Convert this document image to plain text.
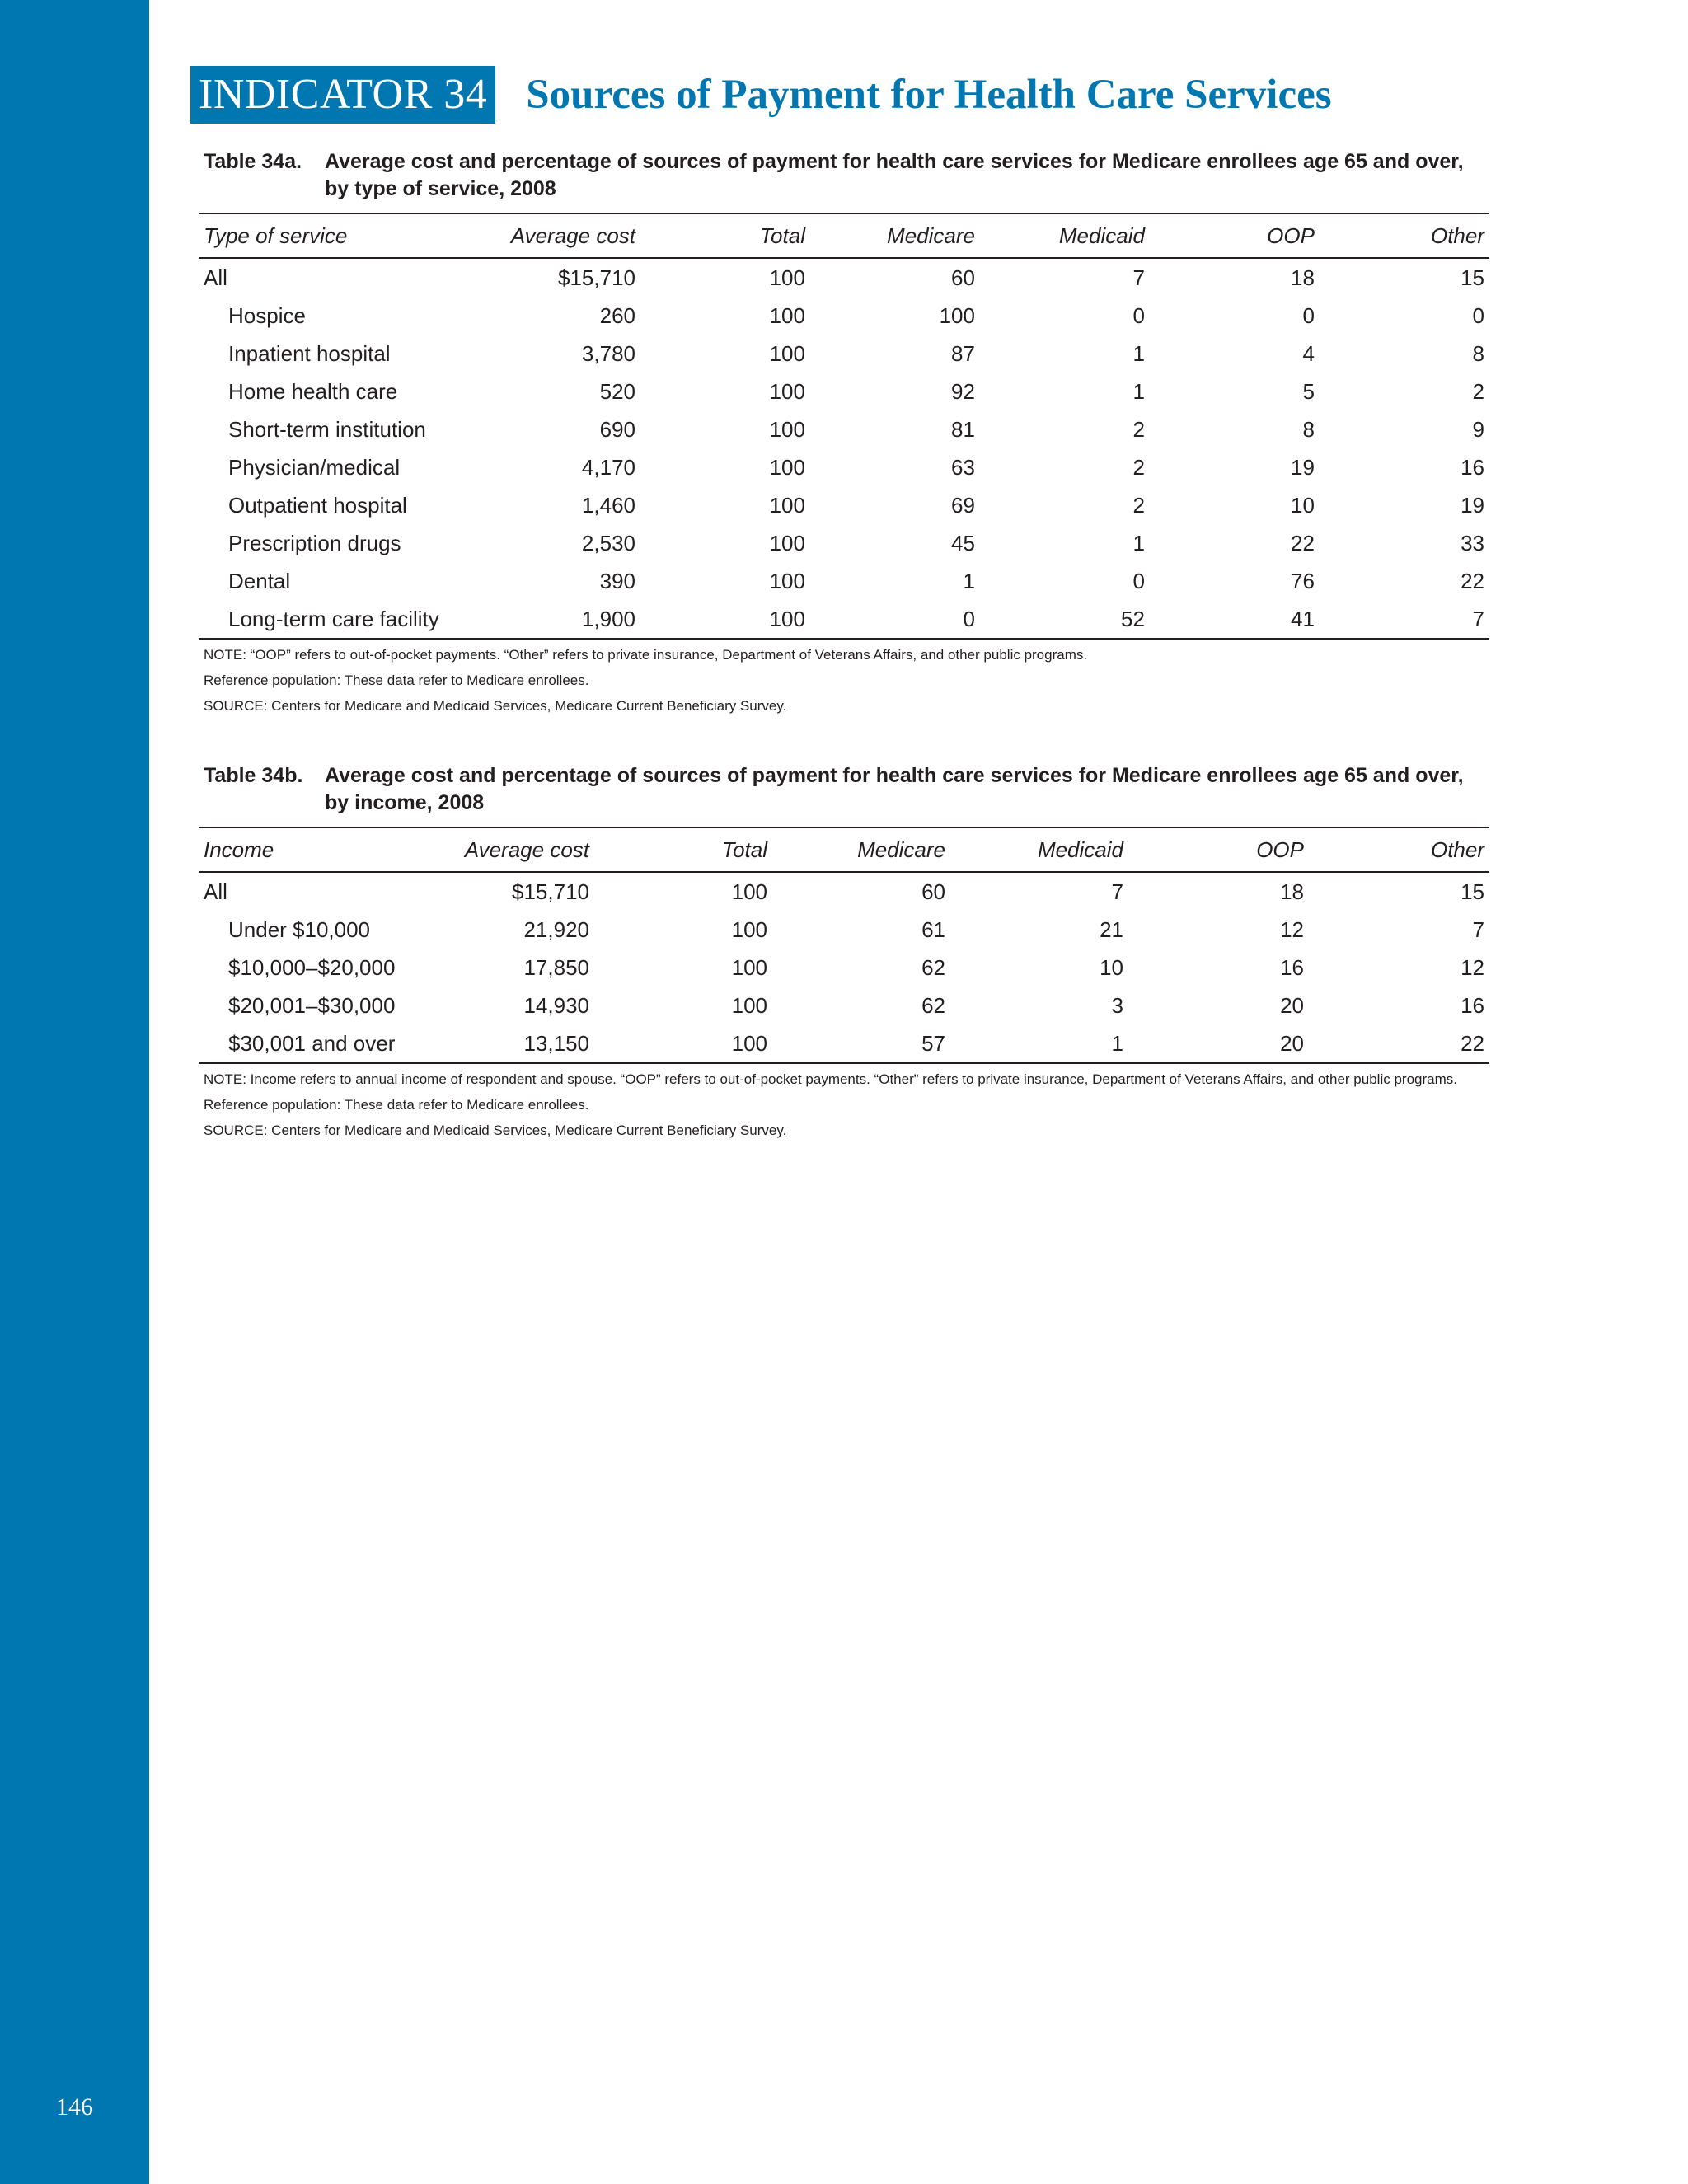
146
INDICATOR 34 Sources of Payment for Health Care Services
Table 34a. Average cost and percentage of sources of payment for health care services for Medicare enrollees age 65 and over, by type of service, 2008
Type of service	Average cost	Total	Medicare	Medicaid	OOP	Other
All	$15,710	100	60	7	18	15
Hospice	260	100	100	0	0	0
Inpatient hospital	3,780	100	87	1	4	8
Home health care	520	100	92	1	5	2
Short-term institution	690	100	81	2	8	9
Physician/medical	4,170	100	63	2	19	16
Outpatient hospital	1,460	100	69	2	10	19
Prescription drugs	2,530	100	45	1	22	33
Dental	390	100	1	0	76	22
Long-term care facility	1,900	100	0	52	41	7

NOTE: “OOP” refers to out-of-pocket payments. “Other” refers to private insurance, Department of Veterans Affairs, and other public programs.

Reference population: These data refer to Medicare enrollees.

SOURCE: Centers for Medicare and Medicaid Services, Medicare Current Beneficiary Survey.

Table 34b. Average cost and percentage of sources of payment for health care services for Medicare enrollees age 65 and over, by income, 2008
Income	Average cost	Total	Medicare	Medicaid	OOP	Other
All	$15,710	100	60	7	18	15
Under $10,000	21,920	100	61	21	12	7
$10,000–$20,000	17,850	100	62	10	16	12
$20,001–$30,000	14,930	100	62	3	20	16
$30,001 and over	13,150	100	57	1	20	22

NOTE: Income refers to annual income of respondent and spouse. “OOP” refers to out-of-pocket payments. “Other” refers to private insurance, Department of Veterans Affairs, and other public programs.

Reference population: These data refer to Medicare enrollees.

SOURCE: Centers for Medicare and Medicaid Services, Medicare Current Beneficiary Survey.
